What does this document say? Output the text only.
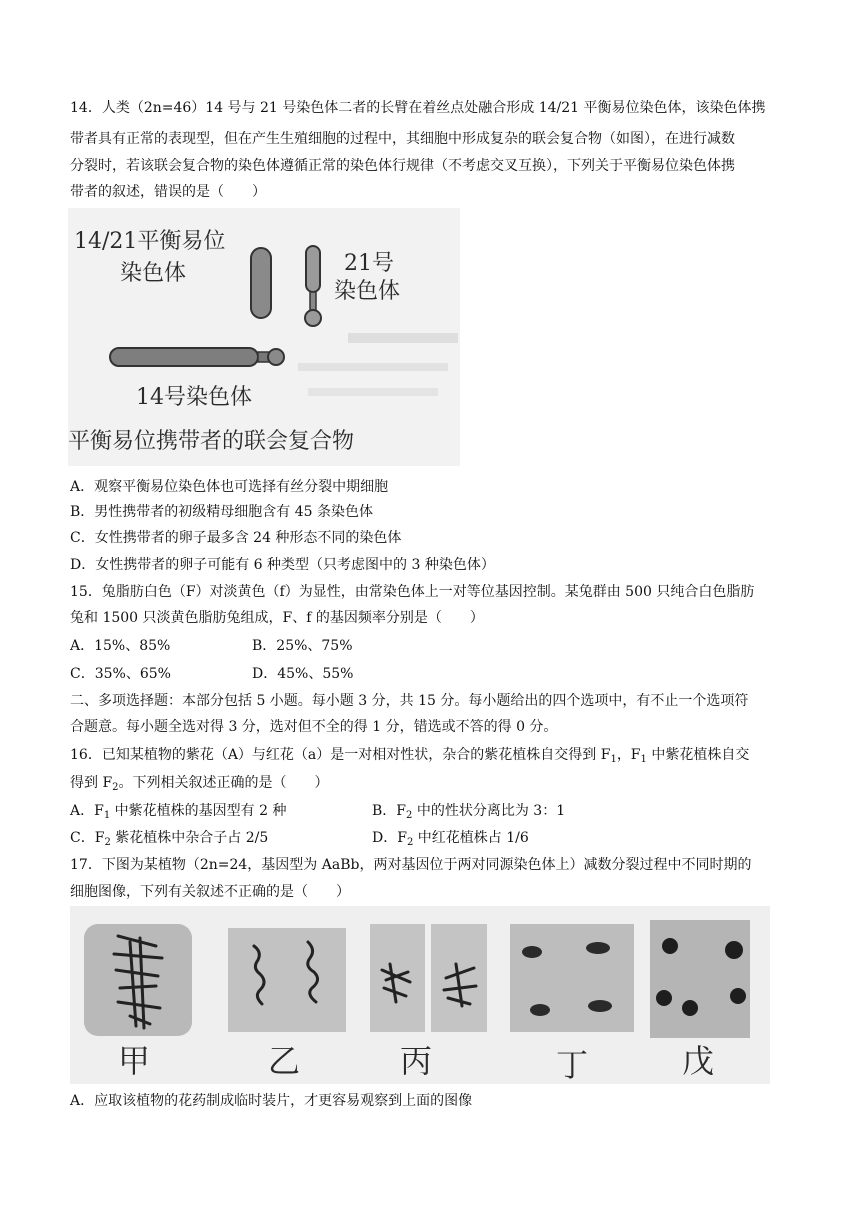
14．人类（2n=46）14 号与 21 号染色体二者的长臂在着丝点处融合形成 14/21 平衡易位染色体，该染色体携
带者具有正常的表现型，但在产生生殖细胞的过程中，其细胞中形成复杂的联会复合物（如图），在进行减数
分裂时，若该联会复合物的染色体遵循正常的染色体行规律（不考虑交叉互换），下列关于平衡易位染色体携
带者的叙述，错误的是（　　）
14/21平衡易位
染色体	21号
染色体
14号染色体
平衡易位携带者的联会复合物
A．观察平衡易位染色体也可选择有丝分裂中期细胞
B．男性携带者的初级精母细胞含有 45 条染色体
C．女性携带者的卵子最多含 24 种形态不同的染色体
D．女性携带者的卵子可能有 6 种类型（只考虑图中的 3 种染色体）
15．兔脂肪白色（F）对淡黄色（f）为显性，由常染色体上一对等位基因控制。某兔群由 500 只纯合白色脂肪
兔和 1500 只淡黄色脂肪兔组成，F、f 的基因频率分别是（　　）
A．15%、85%	B．25%、75%
C．35%、65%	D．45%、55%
二、多项选择题：本部分包括 5 小题。每小题 3 分，共 15 分。每小题给出的四个选项中，有不止一个选项符
合题意。每小题全选对得 3 分，选对但不全的得 1 分，错选或不答的得 0 分。
16．已知某植物的紫花（A）与红花（a）是一对相对性状，杂合的紫花植株自交得到 $F_1$，$F_1$ 中紫花植株自交
得到 $F_2$。下列相关叙述正确的是（　　）
A．$F_1$ 中紫花植株的基因型有 2 种	B．$F_2$ 中的性状分离比为 3：1
C．$F_2$ 紫花植株中杂合子占 2/5	D．$F_2$ 中红花植株占 1/6
17．下图为某植物（2n=24，基因型为 AaBb，两对基因位于两对同源染色体上）减数分裂过程中不同时期的
细胞图像，下列有关叙述不正确的是（　　）
甲	乙	丙	丁	戊
A．应取该植物的花药制成临时装片，才更容易观察到上面的图像
